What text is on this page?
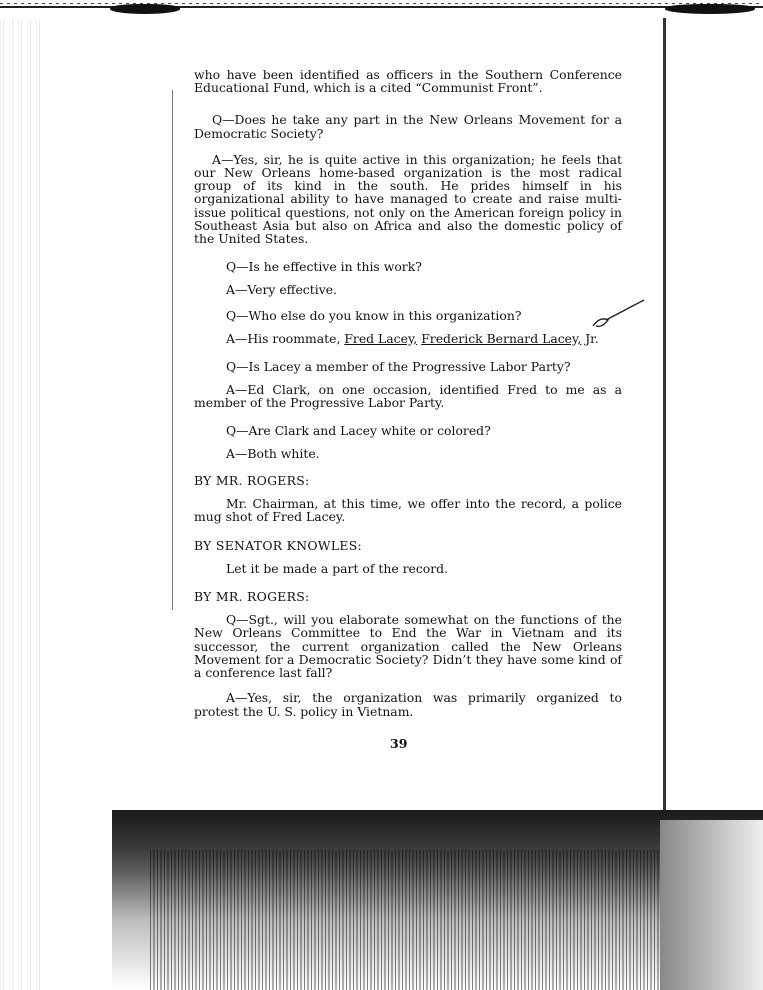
who have been identified as officers in the Southern Conference Educational Fund, which is a cited “Communist Front”.

Q—Does he take any part in the New Orleans Movement for a Democratic Society?

A—Yes, sir, he is quite active in this organization; he feels that our New Orleans home-based organization is the most radical group of its kind in the south. He prides himself in his organizational ability to have managed to create and raise multi-issue political questions, not only on the American foreign policy in Southeast Asia but also on Africa and also the domestic policy of the United States.

Q—Is he effective in this work?

A—Very effective.

Q—Who else do you know in this organization?

A—His roommate, Fred Lacey, Frederick Bernard Lacey, Jr.

Q—Is Lacey a member of the Progressive Labor Party?

A—Ed Clark, on one occasion, identified Fred to me as a member of the Progressive Labor Party.

Q—Are Clark and Lacey white or colored?

A—Both white.

BY MR. ROGERS:

Mr. Chairman, at this time, we offer into the record, a police mug shot of Fred Lacey.

BY SENATOR KNOWLES:

Let it be made a part of the record.

BY MR. ROGERS:

Q—Sgt., will you elaborate somewhat on the functions of the New Orleans Committee to End the War in Vietnam and its successor, the current organization called the New Orleans Movement for a Democratic Society? Didn’t they have some kind of a conference last fall?

A—Yes, sir, the organization was primarily organized to protest the U. S. policy in Vietnam.

39
